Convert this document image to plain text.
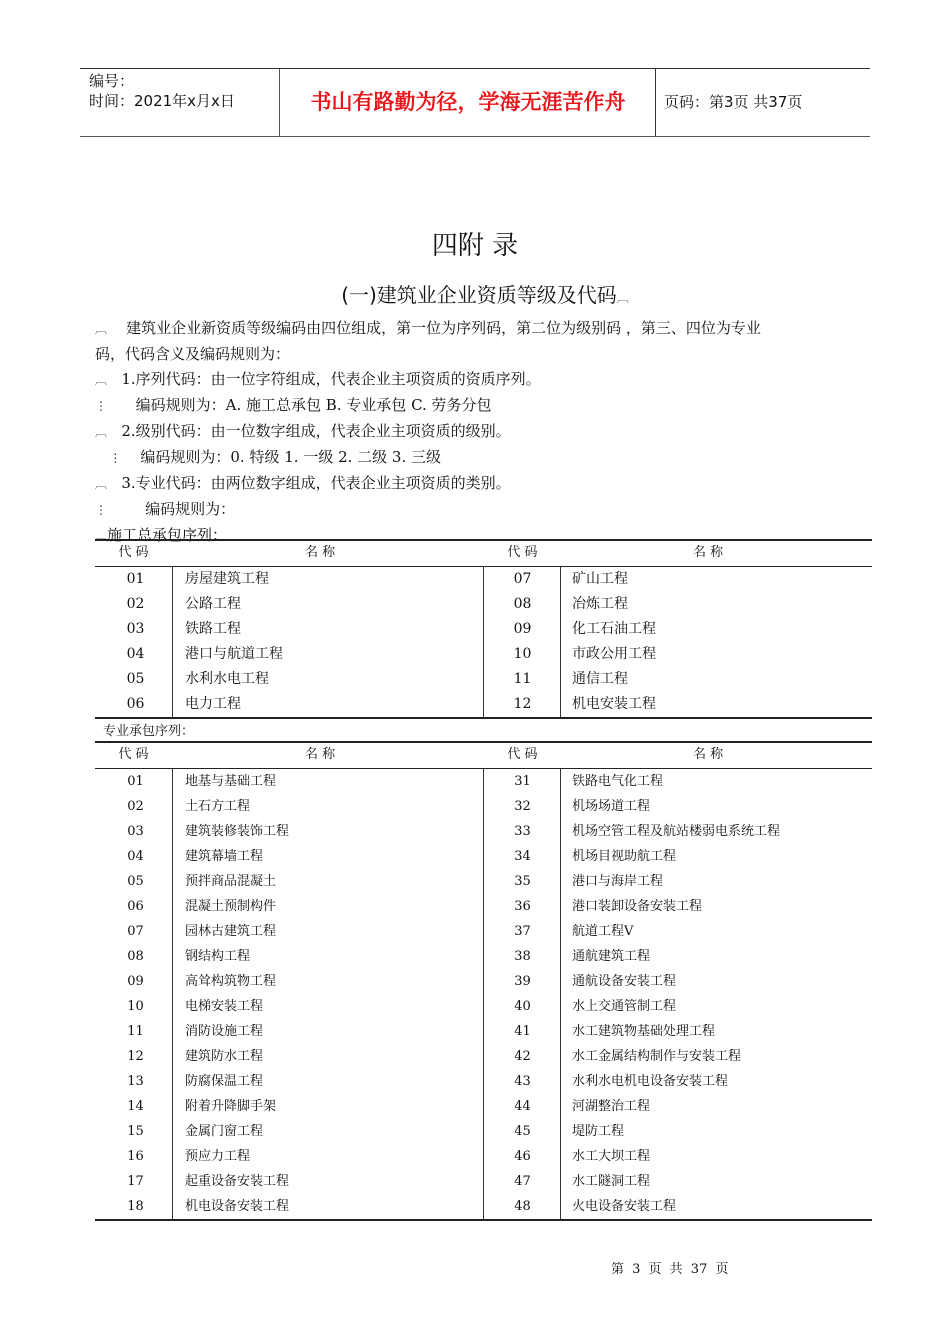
编号：
时间：2021年x月x日	书山有路勤为径，学海无涯苦作舟	页码：第3页 共37页
四附 录
(一)建筑业企业资质等级及代码︹
︹ 建筑业企业新资质等级编码由四位组成，第一位为序列码，第二位为级别码 ，第三、四位为专业
码，代码含义及编码规则为：
︹ 1.序列代码：由一位字符组成，代表企业主项资质的资质序列。
⋮ 编码规则为：A. 施工总承包 B. 专业承包 C. 劳务分包
︹ 2.级别代码：由一位数字组成，代表企业主项资质的级别。
⋮ 编码规则为：0. 特级 1. 一级 2. 二级 3. 三级
︹ 3.专业代码：由两位数字组成，代表企业主项资质的类别。
⋮	编码规则为：
︹施工总承包序列：
代 码	名 称	代 码	名 称
01	房屋建筑工程	07	矿山工程
02	公路工程	08	冶炼工程
03	铁路工程	09	化工石油工程
04	港口与航道工程	10	市政公用工程
05	水利水电工程	11	通信工程
06	电力工程	12	机电安装工程
专业承包序列：
代 码	名 称	代 码	名 称
01	地基与基础工程	31	铁路电气化工程
02	土石方工程	32	机场场道工程
03	建筑装修装饰工程	33	机场空管工程及航站楼弱电系统工程
04	建筑幕墙工程	34	机场目视助航工程
05	预拌商品混凝土	35	港口与海岸工程
06	混凝土预制构件	36	港口装卸设备安装工程
07	园林古建筑工程	37	航道工程V
08	钢结构工程	38	通航建筑工程
09	高耸构筑物工程	39	通航设备安装工程
10	电梯安装工程	40	水上交通管制工程
11	消防设施工程	41	水工建筑物基础处理工程
12	建筑防水工程	42	水工金属结构制作与安装工程
13	防腐保温工程	43	水利水电机电设备安装工程
14	附着升降脚手架	44	河湖整治工程
15	金属门窗工程	45	堤防工程
16	预应力工程	46	水工大坝工程
17	起重设备安装工程	47	水工隧洞工程
18	机电设备安装工程	48	火电设备安装工程
第 3 页 共 37 页
